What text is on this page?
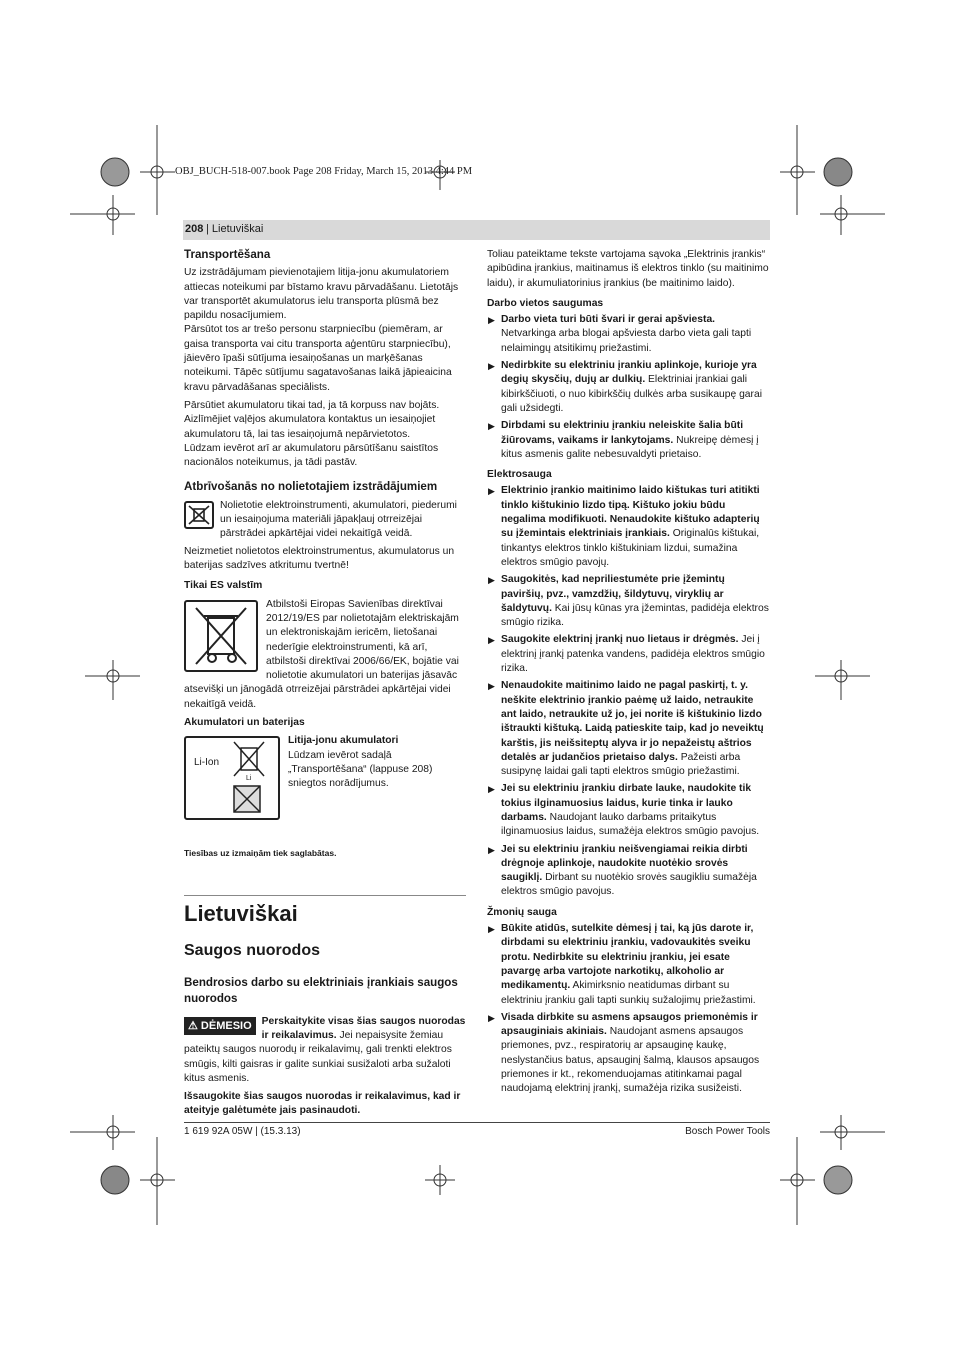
OBJ_BUCH-518-007.book Page 208 Friday, March 15, 2013 4:44 PM
208 | Lietuviškai

Transportēšana

Uz izstrādājumam pievienotajiem litija-jonu akumulatoriem attiecas noteikumi par bīstamo kravu pārvadāšanu. Lietotājs var transportēt akumulatorus ielu transporta plūsmā bez papildu nosacījumiem.

Pārsūtot tos ar trešo personu starpniecību (piemēram, ar gaisa transporta vai citu transporta aģentūru starpniecību), jāievēro īpaši sūtījuma iesaiņošanas un marķēšanas noteikumi. Tāpēc sūtījumu sagatavošanas laikā jāpieaicina kravu pārvadāšanas speciālists.

Pārsūtiet akumulatoru tikai tad, ja tā korpuss nav bojāts. Aizlīmējiet vaļējos akumulatora kontaktus un iesaiņojiet akumulatoru tā, lai tas iesaiņojumā nepārvietotos.

Lūdzam ievērot arī ar akumulatoru pārsūtīšanu saistītos nacionālos noteikumus, ja tādi pastāv.

Atbrīvošanās no nolietotajiem izstrādājumiem

Nolietotie elektroinstrumenti, akumulatori, piederumi un iesaiņojuma materiāli jāpakļauj otrreizējai pārstrādei apkārtējai videi nekaitīgā veidā.

Neizmetiet nolietotos elektroinstrumentus, akumulatorus un baterijas sadzīves atkritumu tvertnē!

Tikai ES valstīm

Atbilstoši Eiropas Savienības direktīvai 2012/19/ES par nolietotajām elektriskajām un elektroniskajām iericēm, lietošanai nederīgie elektroinstrumenti, kā arī, atbilstoši direktīvai 2006/66/EK, bojātie vai nolietotie akumulatori un baterijas jāsavāc atsevišķi un jānogādā otrreizējai pārstrādei apkārtējai videi nekaitīgā veidā.

Akumulatori un baterijas

Li-Ion
Li

Litija-jonu akumulatori

Lūdzam ievērot sadaļā „Transportēšana“ (lappuse 208) sniegtos norādījumus.

Tiesības uz izmaiņām tiek saglabātas.

Lietuviškai

Saugos nuorodos

Bendrosios darbo su elektriniais įrankiais saugos nuorodos

⚠ DĖMESIO Perskaitykite visas šias saugos nuorodas ir reikalavimus. Jei nepaisysite žemiau pateiktų saugos nuorodų ir reikalavimų, gali trenkti elektros smūgis, kilti gaisras ir galite sunkiai susižaloti arba sužaloti kitus asmenis.

Išsaugokite šias saugos nuorodas ir reikalavimus, kad ir ateityje galėtumėte jais pasinaudoti.

Toliau pateiktame tekste vartojama sąvoka „Elektrinis įrankis“ apibūdina įrankius, maitinamus iš elektros tinklo (su maitinimo laidu), ir akumuliatorinius įrankius (be maitinimo laido).

Darbo vietos saugumas

▶ Darbo vieta turi būti švari ir gerai apšviesta. Netvarkinga arba blogai apšviesta darbo vieta gali tapti nelaimingų atsitikimų priežastimi.
▶ Nedirbkite su elektriniu įrankiu aplinkoje, kurioje yra degių skysčių, dujų ar dulkių. Elektriniai įrankiai gali kibirkščiuoti, o nuo kibirkščių dulkės arba susikaupę garai gali užsidegti.
▶ Dirbdami su elektriniu įrankiu neleiskite šalia būti žiūrovams, vaikams ir lankytojams. Nukreipę dėmesį į kitus asmenis galite nebesuvaldyti prietaiso.

Elektrosauga

▶ Elektrinio įrankio maitinimo laido kištukas turi atitikti tinklo kištukinio lizdo tipą. Kištuko jokiu būdu negalima modifikuoti. Nenaudokite kištuko adapterių su įžemintais elektriniais įrankiais. Originalūs kištukai, tinkantys elektros tinklo kištukiniam lizdui, sumažina elektros smūgio pavojų.
▶ Saugokitės, kad nepriliestumėte prie įžemintų paviršių, pvz., vamzdžių, šildytuvų, viryklių ar šaldytuvų. Kai jūsų kūnas yra įžemintas, padidėja elektros smūgio rizika.
▶ Saugokite elektrinį įrankį nuo lietaus ir drėgmės. Jei į elektrinį įrankį patenka vandens, padidėja elektros smūgio rizika.
▶ Nenaudokite maitinimo laido ne pagal paskirtį, t. y. neškite elektrinio įrankio paėmę už laido, netraukite ant laido, netraukite už jo, jei norite iš kištukinio lizdo ištraukti kištuką. Laidą patieskite taip, kad jo neveiktų karštis, jis neišsiteptų alyva ir jo nepažeistų aštrios detalės ar judančios prietaiso dalys. Pažeisti arba susipynę laidai gali tapti elektros smūgio priežastimi.
▶ Jei su elektriniu įrankiu dirbate lauke, naudokite tik tokius ilginamuosius laidus, kurie tinka ir lauko darbams. Naudojant lauko darbams pritaikytus ilginamuosius laidus, sumažėja elektros smūgio pavojus.
▶ Jei su elektriniu įrankiu neišvengiamai reikia dirbti drėgnoje aplinkoje, naudokite nuotėkio srovės saugiklį. Dirbant su nuotėkio srovės saugikliu sumažėja elektros smūgio pavojus.

Žmonių sauga

▶ Būkite atidūs, sutelkite dėmesį į tai, ką jūs darote ir, dirbdami su elektriniu įrankiu, vadovaukitės sveiku protu. Nedirbkite su elektriniu įrankiu, jei esate pavargę arba vartojote narkotikų, alkoholio ar medikamentų. Akimirksnio neatidumas dirbant su elektriniu įrankiu gali tapti sunkių sužalojimų priežastimi.
▶ Visada dirbkite su asmens apsaugos priemonėmis ir apsauginiais akiniais. Naudojant asmens apsaugos priemones, pvz., respiratorių ar apsauginę kaukę, neslystančius batus, apsauginį šalmą, klausos apsaugos priemones ir kt., rekomenduojamas atitinkamai pagal naudojamą elektrinį įrankį, sumažėja rizika susižeisti.
1 619 92A 05W | (15.3.13)	Bosch Power Tools
